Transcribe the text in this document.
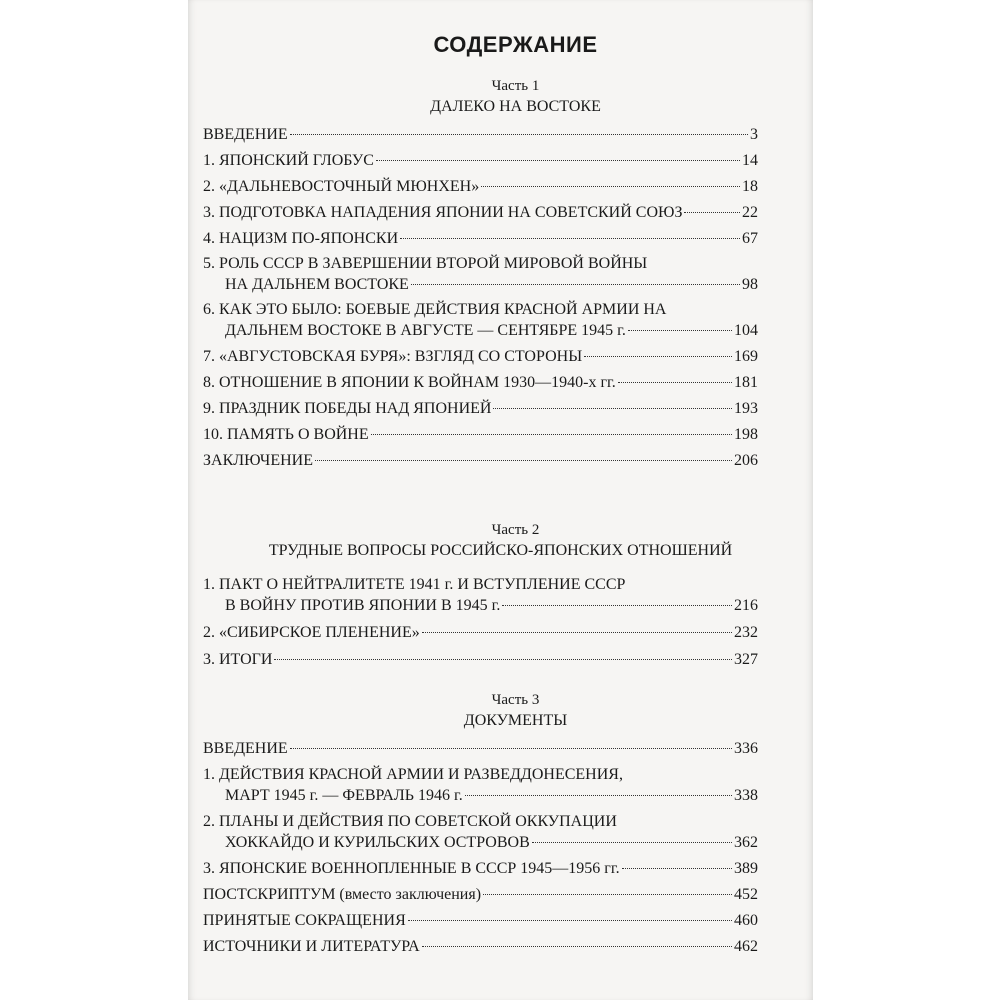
СОДЕРЖАНИЕ
Часть 1
ДАЛЕКО НА ВОСТОКЕ
ВВЕДЕНИЕ	3
1. ЯПОНСКИЙ ГЛОБУС	14
2. «ДАЛЬНЕВОСТОЧНЫЙ МЮНХЕН»	18
3. ПОДГОТОВКА НАПАДЕНИЯ ЯПОНИИ НА СОВЕТСКИЙ СОЮЗ	22
4. НАЦИЗМ ПО-ЯПОНСКИ	67
5. РОЛЬ СССР В ЗАВЕРШЕНИИ ВТОРОЙ МИРОВОЙ ВОЙНЫ
НА ДАЛЬНЕМ ВОСТОКЕ	98
6. КАК ЭТО БЫЛО: БОЕВЫЕ ДЕЙСТВИЯ КРАСНОЙ АРМИИ НА
ДАЛЬНЕМ ВОСТОКЕ В АВГУСТЕ — СЕНТЯБРЕ 1945 г.	104
7. «АВГУСТОВСКАЯ БУРЯ»: ВЗГЛЯД СО СТОРОНЫ	169
8. ОТНОШЕНИЕ В ЯПОНИИ К ВОЙНАМ 1930—1940-х гг.	181
9. ПРАЗДНИК ПОБЕДЫ НАД ЯПОНИЕЙ	193
10. ПАМЯТЬ О ВОЙНЕ	198
ЗАКЛЮЧЕНИЕ	206
Часть 2
ТРУДНЫЕ ВОПРОСЫ РОССИЙСКО-ЯПОНСКИХ ОТНОШЕНИЙ
1. ПАКТ О НЕЙТРАЛИТЕТЕ 1941 г. И ВСТУПЛЕНИЕ СССР
В ВОЙНУ ПРОТИВ ЯПОНИИ В 1945 г.	216
2. «СИБИРСКОЕ ПЛЕНЕНИЕ»	232
3. ИТОГИ	327
Часть 3
ДОКУМЕНТЫ
ВВЕДЕНИЕ	336
1. ДЕЙСТВИЯ КРАСНОЙ АРМИИ И РАЗВЕДДОНЕСЕНИЯ,
МАРТ 1945 г. — ФЕВРАЛЬ 1946 г.	338
2. ПЛАНЫ И ДЕЙСТВИЯ ПО СОВЕТСКОЙ ОККУПАЦИИ
ХОККАЙДО И КУРИЛЬСКИХ ОСТРОВОВ	362
3. ЯПОНСКИЕ ВОЕННОПЛЕННЫЕ В СССР 1945—1956 гг.	389
ПОСТСКРИПТУМ (вместо заключения)	452
ПРИНЯТЫЕ СОКРАЩЕНИЯ	460
ИСТОЧНИКИ И ЛИТЕРАТУРА	462
